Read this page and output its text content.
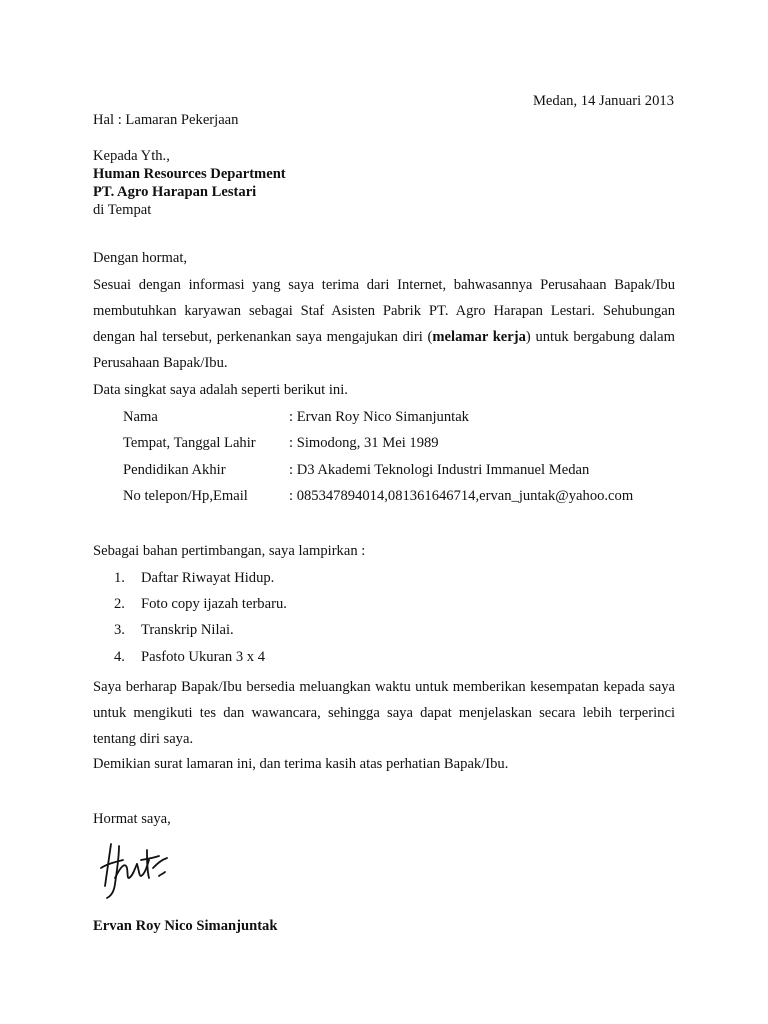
Medan, 14 Januari 2013
Hal : Lamaran Pekerjaan
Kepada Yth.,
Human Resources Department
PT. Agro Harapan Lestari
di Tempat
Dengan hormat,
Sesuai dengan informasi yang saya terima dari Internet, bahwasannya Perusahaan Bapak/Ibu membutuhkan karyawan sebagai Staf Asisten Pabrik PT. Agro Harapan Lestari. Sehubungan dengan hal tersebut, perkenankan saya mengajukan diri (melamar kerja) untuk bergabung dalam Perusahaan Bapak/Ibu.
Data singkat saya adalah seperti berikut ini.
Nama	: Ervan Roy Nico Simanjuntak
Tempat, Tanggal Lahir : Simodong, 31 Mei 1989
Pendidikan Akhir	: D3 Akademi Teknologi Industri Immanuel Medan
No telepon/Hp,Email	: 085347894014,081361646714,ervan_juntak@yahoo.com
Sebagai bahan pertimbangan, saya lampirkan :
1. Daftar Riwayat Hidup.
2. Foto copy ijazah terbaru.
3. Transkrip Nilai.
4. Pasfoto Ukuran 3 x 4
Saya berharap Bapak/Ibu bersedia meluangkan waktu untuk memberikan kesempatan kepada saya untuk mengikuti tes dan wawancara, sehingga saya dapat menjelaskan secara lebih terperinci tentang diri saya.
Demikian surat lamaran ini, dan terima kasih atas perhatian Bapak/Ibu.
Hormat saya,
Ervan Roy Nico Simanjuntak
